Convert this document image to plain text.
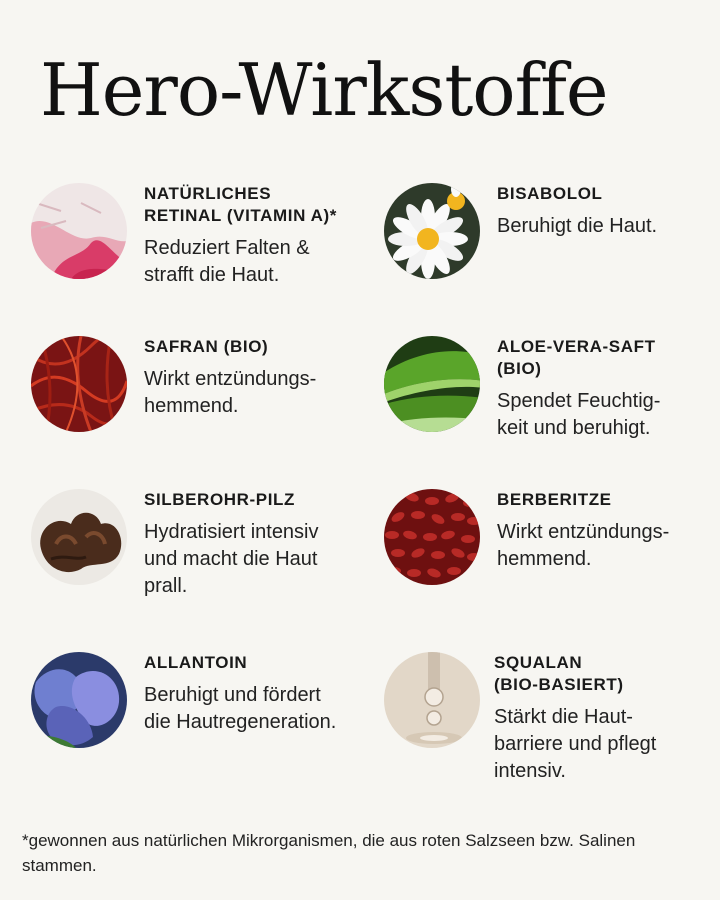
Hero-Wirkstoffe

NATÜRLICHES
RETINAL (VITAMIN A)*

Reduziert Falten &
strafft die Haut.

BISABOLOL

Beruhigt die Haut.

SAFRAN (BIO)

Wirkt entzündungs-
hemmend.

ALOE-VERA-SAFT
(BIO)

Spendet Feuchtig-
keit und beruhigt.

SILBEROHR-PILZ

Hydratisiert intensiv
und macht die Haut
prall.

BERBERITZE

Wirkt entzündungs-
hemmend.

ALLANTOIN

Beruhigt und fördert
die Hautregeneration.

SQUALAN
(BIO-BASIERT)

Stärkt die Haut-
barriere und pflegt
intensiv.

*gewonnen aus natürlichen Mikrorganismen, die aus roten Salzseen bzw. Salinen stammen.
